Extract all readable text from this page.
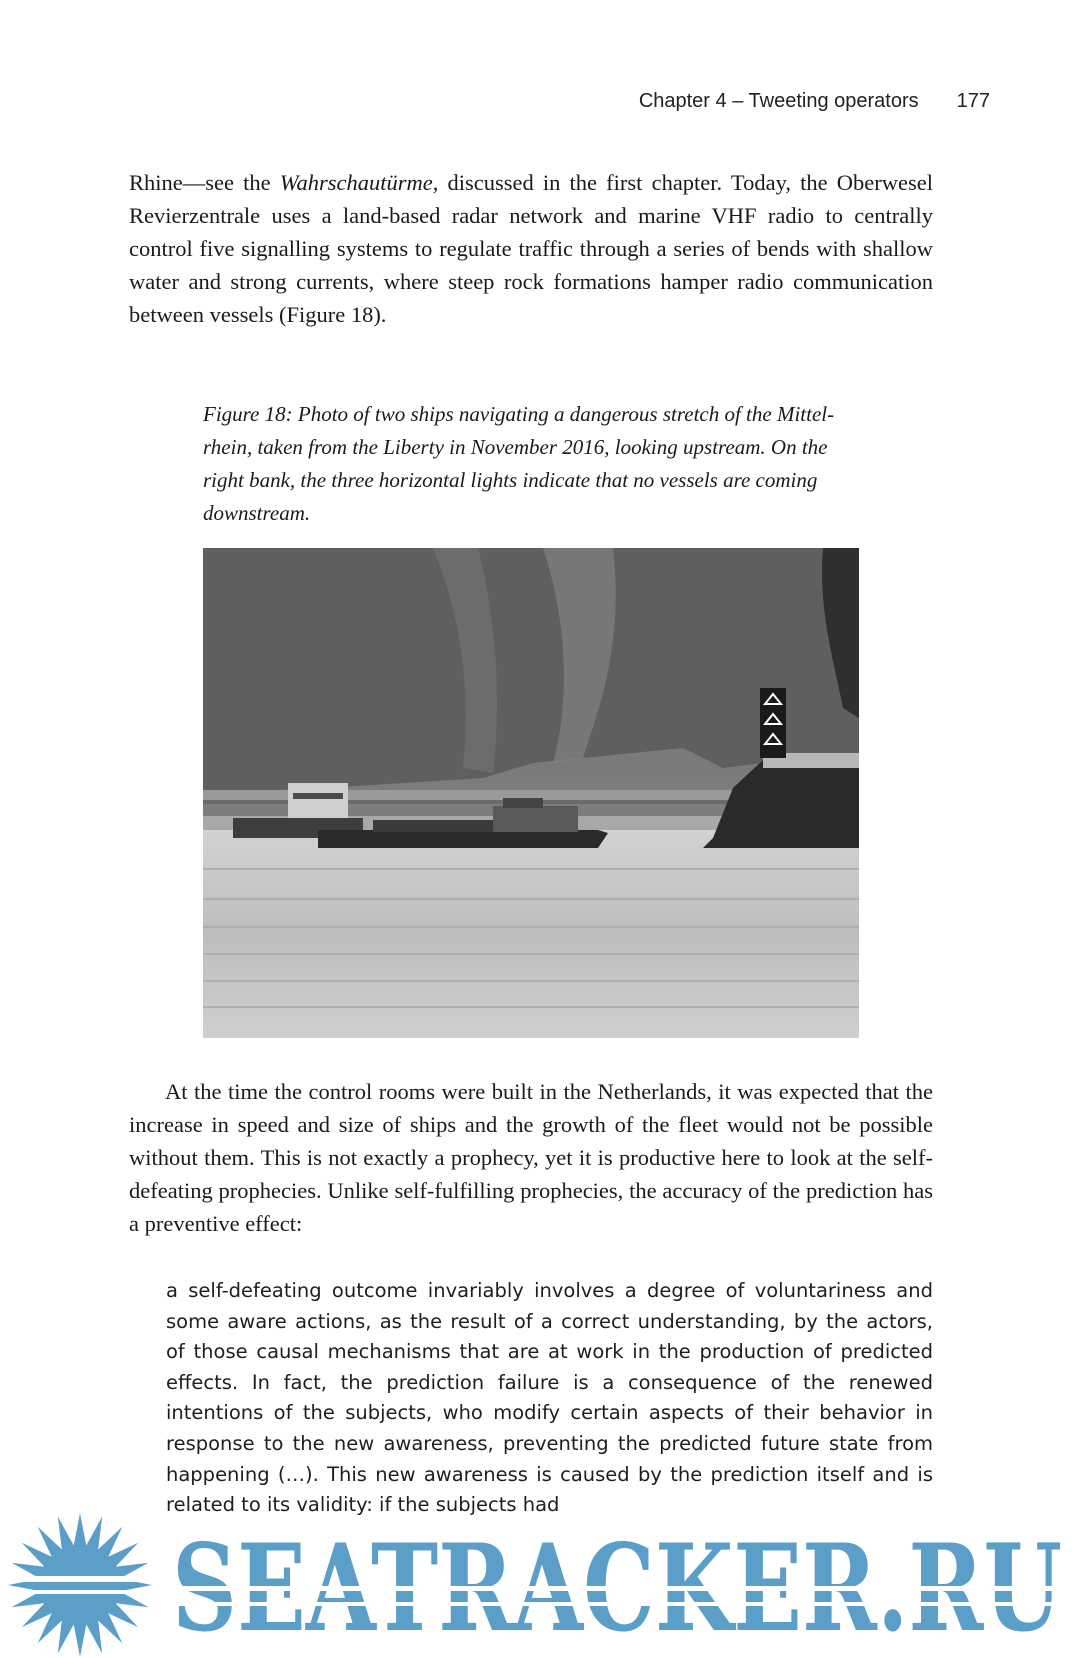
Chapter 4 – Tweeting operators 177

Rhine—see the Wahrschautürme, discussed in the first chapter. Today, the Oberwesel Revierzentrale uses a land-based radar network and marine VHF radio to centrally control five signalling systems to regulate traffic through a series of bends with shallow water and strong currents, where steep rock formations hamper radio communication between vessels (Figure 18).

Figure 18: Photo of two ships navigating a dangerous stretch of the Mittel-
rhein, taken from the Liberty in November 2016, looking upstream. On the
right bank, the three horizontal lights indicate that no vessels are coming
downstream.

At the time the control rooms were built in the Netherlands, it was expected that the increase in speed and size of ships and the growth of the fleet would not be possible without them. This is not exactly a prophecy, yet it is productive here to look at the self-defeating prophecies. Unlike self-fulfilling prophecies, the accuracy of the prediction has a preventive effect:

a self-defeating outcome invariably involves a degree of voluntariness and some aware actions, as the result of a correct understanding, by the actors, of those causal mechanisms that are at work in the production of predicted effects. In fact, the prediction failure is a consequence of the renewed intentions of the subjects, who modify certain aspects of their behavior in response to the new awareness, preventing the predicted future state from happening (…). This new awareness is caused by the prediction itself and is related to its validity: if the subjects had
